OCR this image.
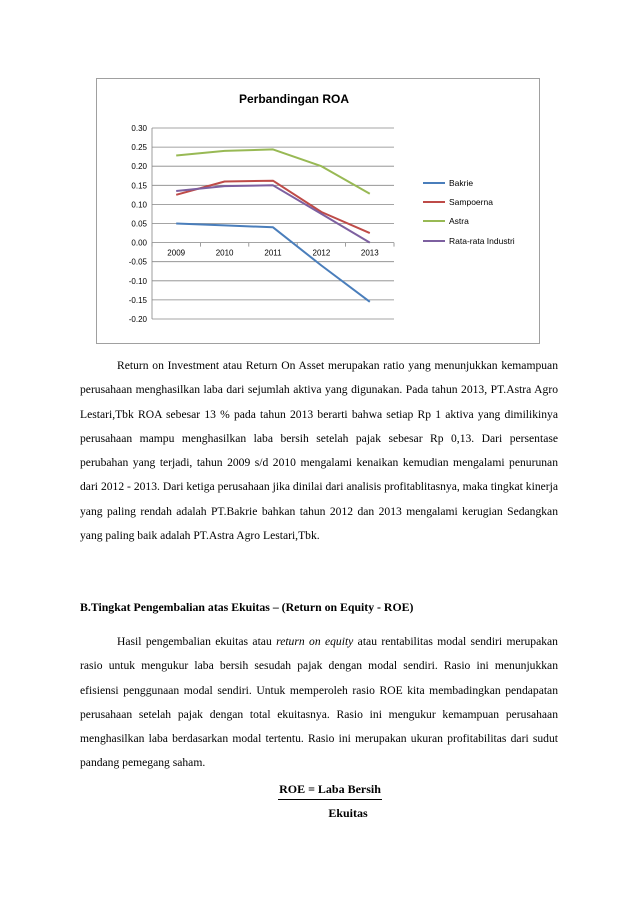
Perbandingan ROA
0.30
0.25
0.20
0.15
0.10
0.05
0.00
-0.05
-0.10
-0.15
-0.20
2009	2010	2011	2012	2013
Bakrie
Sampoerna
Astra
Rata-rata Industri

Return on Investment atau Return On Asset merupakan ratio yang menunjukkan kemampuan perusahaan menghasilkan laba dari sejumlah aktiva yang digunakan. Pada tahun 2013, PT.Astra Agro Lestari,Tbk ROA sebesar 13 % pada tahun 2013 berarti bahwa setiap Rp 1 aktiva yang dimilikinya perusahaan mampu menghasilkan laba bersih setelah pajak sebesar Rp 0,13. Dari persentase perubahan yang terjadi, tahun 2009 s/d 2010 mengalami kenaikan kemudian mengalami penurunan dari 2012 - 2013. Dari ketiga perusahaan jika dinilai dari analisis profitablitasnya, maka tingkat kinerja yang paling rendah adalah PT.Bakrie bahkan tahun 2012 dan 2013 mengalami kerugian Sedangkan yang paling baik adalah PT.Astra Agro Lestari,Tbk.

B.Tingkat Pengembalian atas Ekuitas – (Return on Equity - ROE)

Hasil pengembalian ekuitas atau return on equity atau rentabilitas modal sendiri merupakan rasio untuk mengukur laba bersih sesudah pajak dengan modal sendiri. Rasio ini menunjukkan efisiensi penggunaan modal sendiri. Untuk memperoleh rasio ROE kita membadingkan pendapatan perusahaan setelah pajak dengan total ekuitasnya. Rasio ini mengukur kemampuan perusahaan menghasilkan laba berdasarkan modal tertentu. Rasio ini merupakan ukuran profitabilitas dari sudut pandang pemegang saham.

ROE = Laba Bersih
Ekuitas
